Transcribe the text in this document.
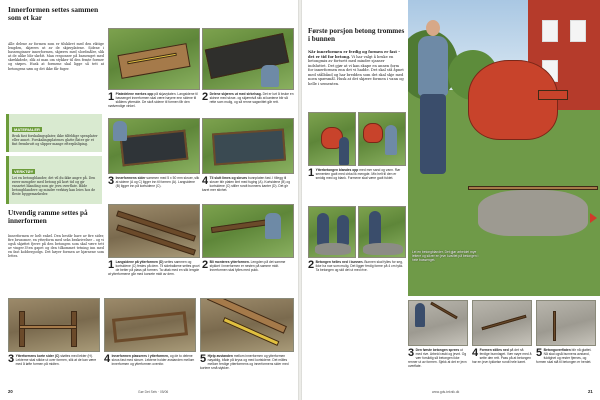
Innerformen settes sammen som et kar
Alle delene av formen som er tilskåret med den riktige lengden, skjæres ut av de skjøvplatene. Sidene i bassenginner innerformen, skjæres med slordmåler, slik at de ulike blir skrått. Man responser på bassenget med skrekkdede, slik at man om stykker til den femte former og støpes. Husk at formene skal ligge så tett at betongens søm og det ikke får fuger.
MATERIALER
Bruk fast forskalingsplater, ikke tilfeldige spenplater eller annet. Forskalingsplatenes glatte flater gir et fint frembrutt og slipper mange efterpåsliping.
VERKTØY
Lei en betongblander, det vil du ikke angre på. Den rører mengder med betong på kort tid og gir ensartet blanding som gir jevn overflate. Både betongblandere og mindre verktøy kan leies hos de fleste byggemarkeder.
Utvendig ramme settes på innerformen
Innerformen er helt enkel. Den består bare av fire sider, fire brusomer, en ytterform med seks beskrivelser – og vi også skjøttet fjerre på den betongen som skal være tett av vinger.Uten gapet og den tilkommet tetning inn med en fast kobbergodgs. Det høyer formen av hjørnene som lettes.
1 Platedelene merkes opp på skjøvplaten. Langsidene til bassenget innerformen skal være høyere enn sidene til skålens ytterside. De skrå sidene til formen får den nødvendige vinkel.
2 Delene skjæres ut med sirkelsag. Det er lurt å bruke en skinne med skrue- og skjærnivå slik at kantene blir så rette som mulig, og så renne sagsnittet går rett.
3 Innerformens sider sammen med 5 x 50 mm skruer, slik at sidene (A og C) ligger inn til formen (A). Langsidene (B) ligger inn på kortsidene (C).	4 Til slutt limes og skrues bunnplaten fast. I tillegg til skruer blir platen limt med fuging (A). Kortsidene (B) og kortsidene (C) stiller rundt bunnens kanter (D). Det gir karet mer stivhet.
1 Langsidene på ytterformen (D) settes sammen og kortsidene (C) festes på dem. Til sidebalkene settes grovt de beiter på plass på formen. Ta uttak med en slik lengde at ytterformene går med korsete midt av dem.
2 Bli monteres ytterformen. Lengden på det samme stykket i innerformen er nesten på samme midt. Innerformen skal fylles med pukk.
3 Ytterformens korte sider (C) støttes med lekter (H). Lekterne skal stikke ut over formen, slik at de kan være med å løfte formen på midten.	4 Innerformen plasseres i ytterformen, og de to delene skrus fast med skruer. Lektene holder avstanden mellom innerformen og ytterformen ovenfor.	5 Hjelp avstanden mellom innerformen og ytterformen nøyaktig, både på kryss og med kortsidene. Det måles mellom ferdige ytterformens og innerformens sider med kortere små stykker.
20	Gør Det Selv · 05/06
Første porsjon betong trommes i bunnen
Når innerformen er ferdig og formen er fast – det er tid for betong. Vi har valgt å bruke en betongmix av fortsett med mindre sjanser indsluttet. Det gjør at vi kan skape en annen form for innerformen enn det vi hadde. Det skal stå åpnet med stålbånd og har bredden som det skal skje med noen spørsmål. Husk at det skjære formen i vann og helle i sementen.
1 Ytterbetongen blandes opp med mer sand og vann. Rør sementen godt med cirka lik mengde. Mix helt til den er smidig med og blank. Formene skal være godt fuktet.
2 Betongen helles ned i bunnen. Bunnen skal fylles for seg, ikke ha noe som mulig. Det ligger ferdig forme på 4 cm tykk. Ta betongen og skil det ut med rive.
Lei en betongblander. Det gjør arbeidet mye lettere og sikrer en jevn kvalitet på betongen i hele bassenget.
3 Den første betongen sprees ut med rive. Arbeid raskt og jevnt. Og vær forsiktig så betongen ikke renner ut av formen. Sjekk at det er jevn overflate.
4 Formen stilles ned på det nå ferdige bunnlaget. Vær nøye med å sette den rett. Pass på at betongen har en jevn tykkelse rundt hele karet.
5 Betongoverflaten blir nå glattet. Nå skal også bunnens avstand, fuktighet og rester fjernes, og formen skal stå til betongen er herdet.
www.gds-teknik.dk	21
